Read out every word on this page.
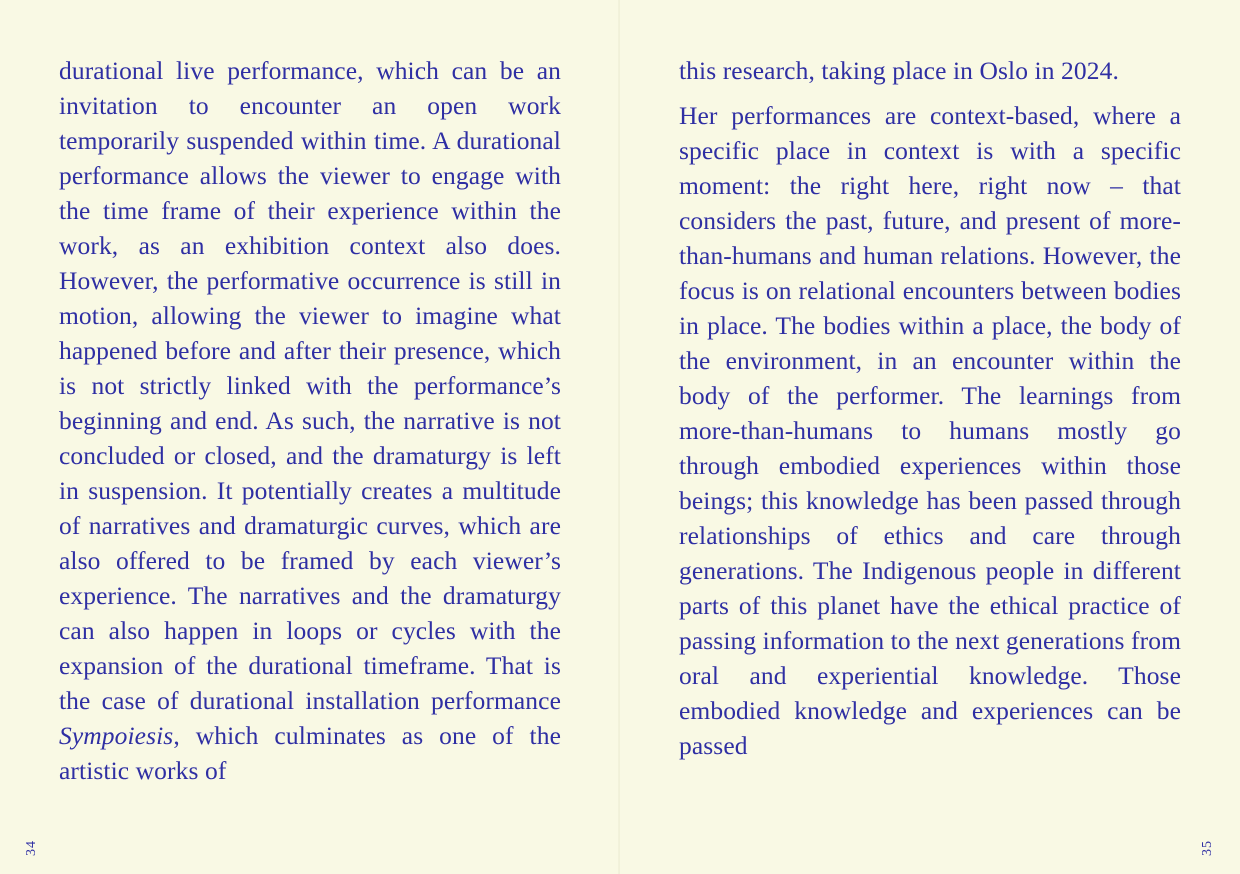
durational live performance, which can be an invitation to encounter an open work temporarily suspended within time. A durational performance allows the viewer to engage with the time frame of their experience within the work, as an exhibition context also does. However, the performative occurrence is still in motion, allowing the viewer to imagine what happened before and after their presence, which is not strictly linked with the performance’s beginning and end. As such, the narrative is not concluded or closed, and the dramaturgy is left in suspension. It potentially creates a multitude of narratives and dramaturgic curves, which are also offered to be framed by each viewer’s experience. The narratives and the dramaturgy can also happen in loops or cycles with the expansion of the durational timeframe. That is the case of durational installation performance Sympoiesis, which culminates as one of the artistic works of

34

this research, taking place in Oslo in 2024.

Her performances are context-based, where a specific place in context is with a specific moment: the right here, right now – that considers the past, future, and present of more-than-humans and human relations. However, the focus is on relational encounters between bodies in place. The bodies within a place, the body of the environment, in an encounter within the body of the performer. The learnings from more-than-humans to humans mostly go through embodied experiences within those beings; this knowledge has been passed through relationships of ethics and care through generations. The Indigenous people in different parts of this planet have the ethical practice of passing information to the next generations from oral and experiential knowledge. Those embodied knowledge and experiences can be passed

35
